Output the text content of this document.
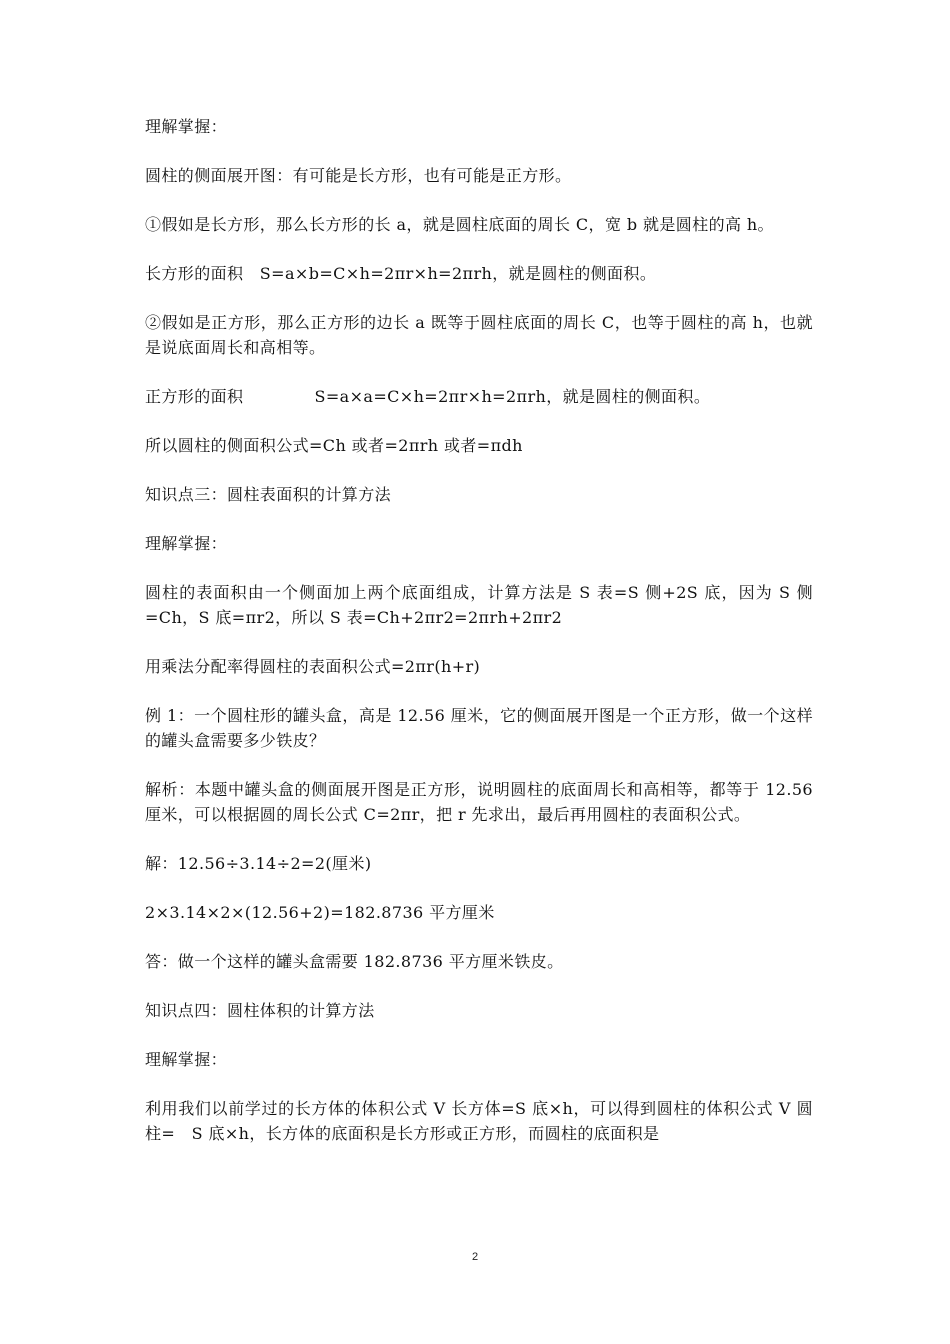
理解掌握：

圆柱的侧面展开图：有可能是长方形，也有可能是正方形。

①假如是长方形，那么长方形的长 a，就是圆柱底面的周长 C，宽 b 就是圆柱的高 h。

长方形的面积　S=a×b=C×h=2πr×h=2πrh，就是圆柱的侧面积。

②假如是正方形，那么正方形的边长 a 既等于圆柱底面的周长 C，也等于圆柱的高 h，也就是说底面周长和高相等。

正方形的面积　　　　 S=a×a=C×h=2πr×h=2πrh，就是圆柱的侧面积。

所以圆柱的侧面积公式=Ch 或者=2πrh 或者=πdh

知识点三：圆柱表面积的计算方法

理解掌握：

圆柱的表面积由一个侧面加上两个底面组成，计算方法是 S 表=S 侧+2S 底，因为 S 侧=Ch，S 底=πr2，所以 S 表=Ch+2πr2=2πrh+2πr2

用乘法分配率得圆柱的表面积公式=2πr(h+r)

例 1：一个圆柱形的罐头盒，高是 12.56 厘米，它的侧面展开图是一个正方形，做一个这样的罐头盒需要多少铁皮？

解析：本题中罐头盒的侧面展开图是正方形，说明圆柱的底面周长和高相等，都等于 12.56 厘米，可以根据圆的周长公式 C=2πr，把 r 先求出，最后再用圆柱的表面积公式。

解：12.56÷3.14÷2=2(厘米)

2×3.14×2×(12.56+2)=182.8736 平方厘米

答：做一个这样的罐头盒需要 182.8736 平方厘米铁皮。

知识点四：圆柱体积的计算方法

理解掌握：

利用我们以前学过的长方体的体积公式 V 长方体=S 底×h，可以得到圆柱的体积公式 V 圆柱=　S 底×h，长方体的底面积是长方形或正方形，而圆柱的底面积是

2
